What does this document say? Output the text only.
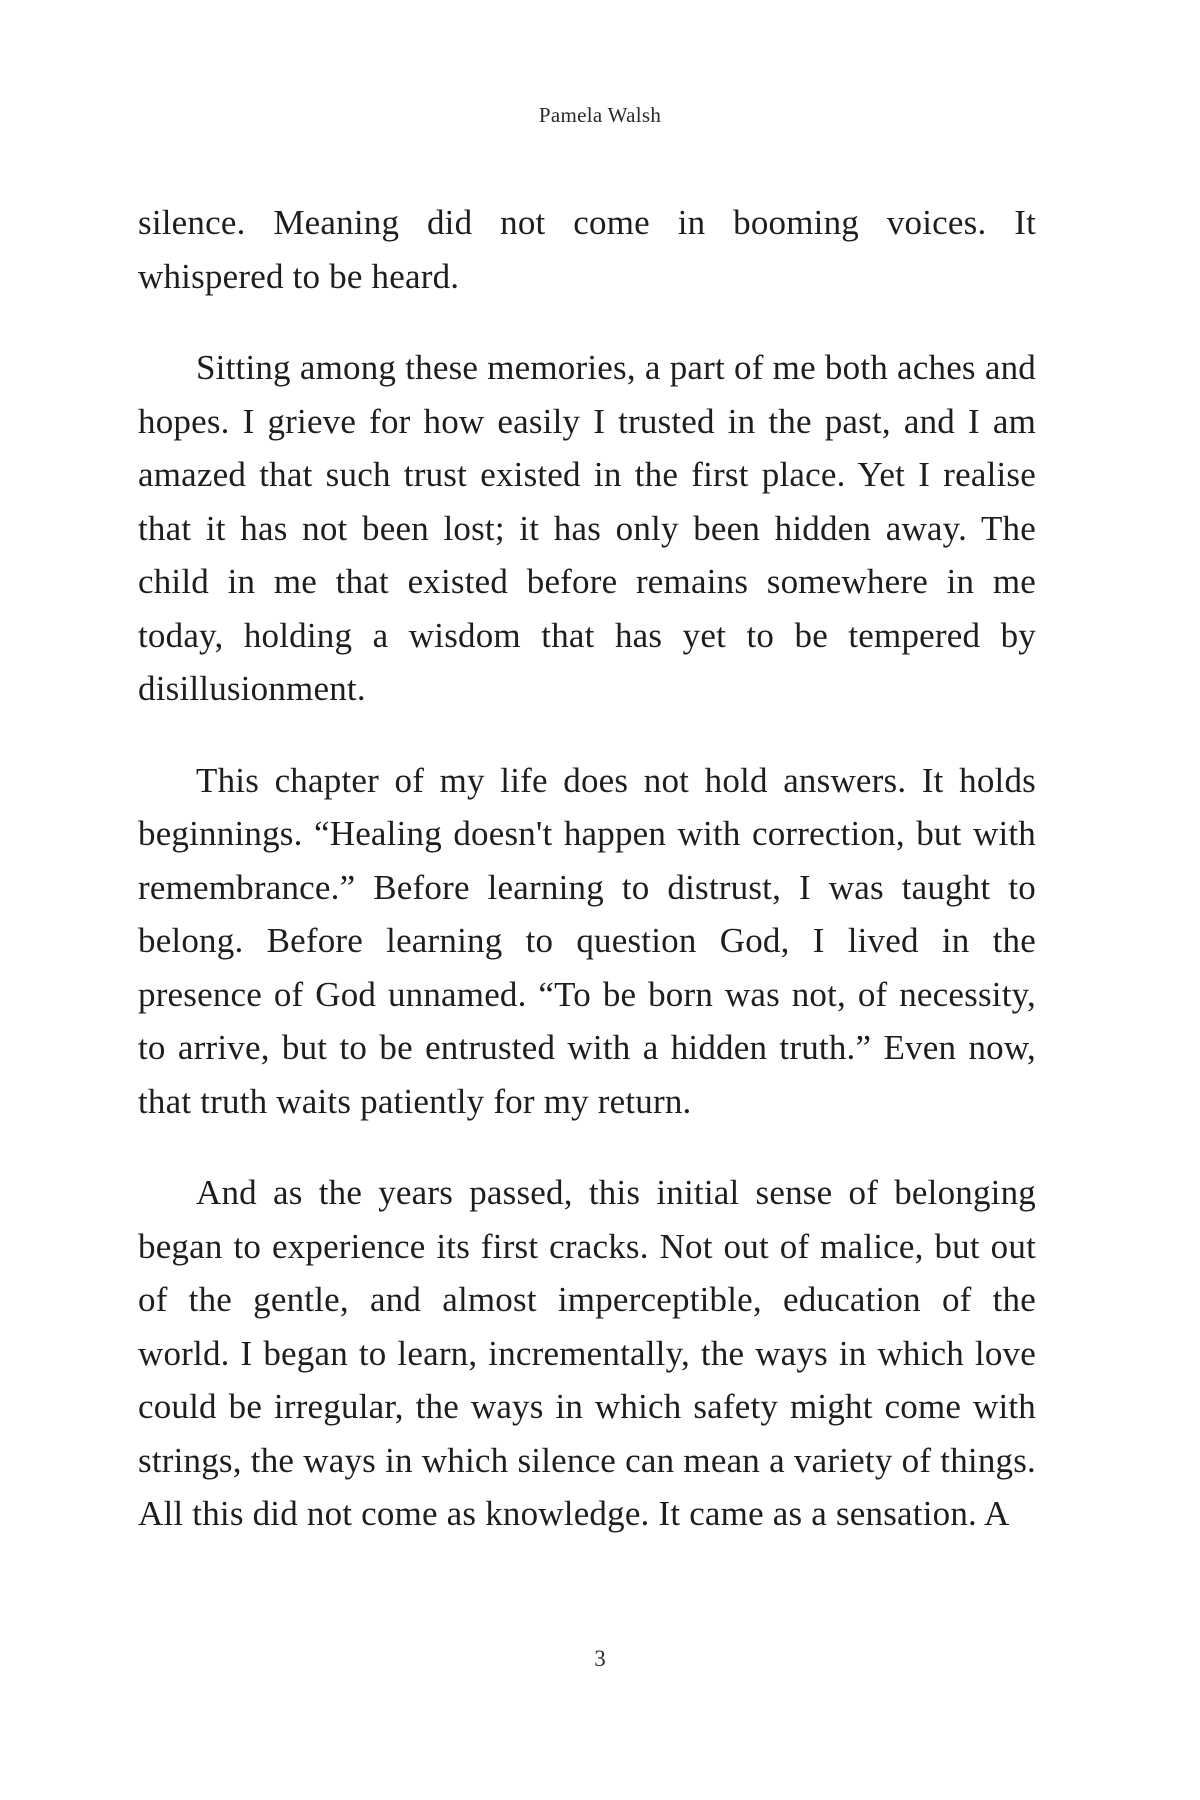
Pamela Walsh

silence. Meaning did not come in booming voices. It whispered to be heard.

Sitting among these memories, a part of me both aches and hopes. I grieve for how easily I trusted in the past, and I am amazed that such trust existed in the first place. Yet I realise that it has not been lost; it has only been hidden away. The child in me that existed before remains somewhere in me today, holding a wisdom that has yet to be tempered by disillusionment.

This chapter of my life does not hold answers. It holds beginnings. “Healing doesn't happen with correction, but with remembrance.” Before learning to distrust, I was taught to belong. Before learning to question God, I lived in the presence of God unnamed. “To be born was not, of necessity, to arrive, but to be entrusted with a hidden truth.” Even now, that truth waits patiently for my return.

And as the years passed, this initial sense of belonging began to experience its first cracks. Not out of malice, but out of the gentle, and almost imperceptible, education of the world. I began to learn, incrementally, the ways in which love could be irregular, the ways in which safety might come with strings, the ways in which silence can mean a variety of things. All this did not come as knowledge. It came as a sensation. A

3
